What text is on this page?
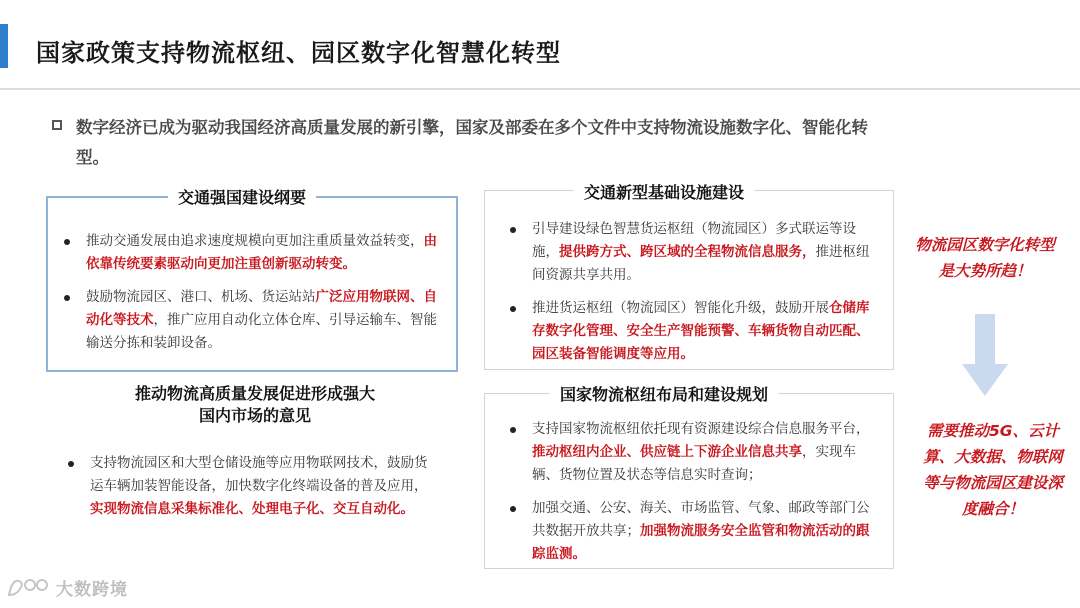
国家政策支持物流枢纽、园区数字化智慧化转型
数字经济已成为驱动我国经济高质量发展的新引擎，国家及部委在多个文件中支持物流设施数字化、智能化转型。
交通强国建设纲要
推动交通发展由追求速度规模向更加注重质量效益转变，由依靠传统要素驱动向更加注重创新驱动转变。
鼓励物流园区、港口、机场、货运站站广泛应用物联网、自动化等技术，推广应用自动化立体仓库、引导运输车、智能输送分拣和装卸设备。
推动物流高质量发展促进形成强大
国内市场的意见
支持物流园区和大型仓储设施等应用物联网技术，鼓励货运车辆加装智能设备，加快数字化终端设备的普及应用，实现物流信息采集标准化、处理电子化、交互自动化。
交通新型基础设施建设
引导建设绿色智慧货运枢纽（物流园区）多式联运等设施，提供跨方式、跨区域的全程物流信息服务，推进枢纽间资源共享共用。
推进货运枢纽（物流园区）智能化升级，鼓励开展仓储库存数字化管理、安全生产智能预警、车辆货物自动匹配、园区装备智能调度等应用。
国家物流枢纽布局和建设规划
支持国家物流枢纽依托现有资源建设综合信息服务平台，推动枢纽内企业、供应链上下游企业信息共享，实现车辆、货物位置及状态等信息实时查询；
加强交通、公安、海关、市场监管、气象、邮政等部门公共数据开放共享；加强物流服务安全监管和物流活动的跟踪监测。
物流园区数字化转型是大势所趋！
需要推动5G、云计算、大数据、物联网等与物流园区建设深度融合！
大数跨境
